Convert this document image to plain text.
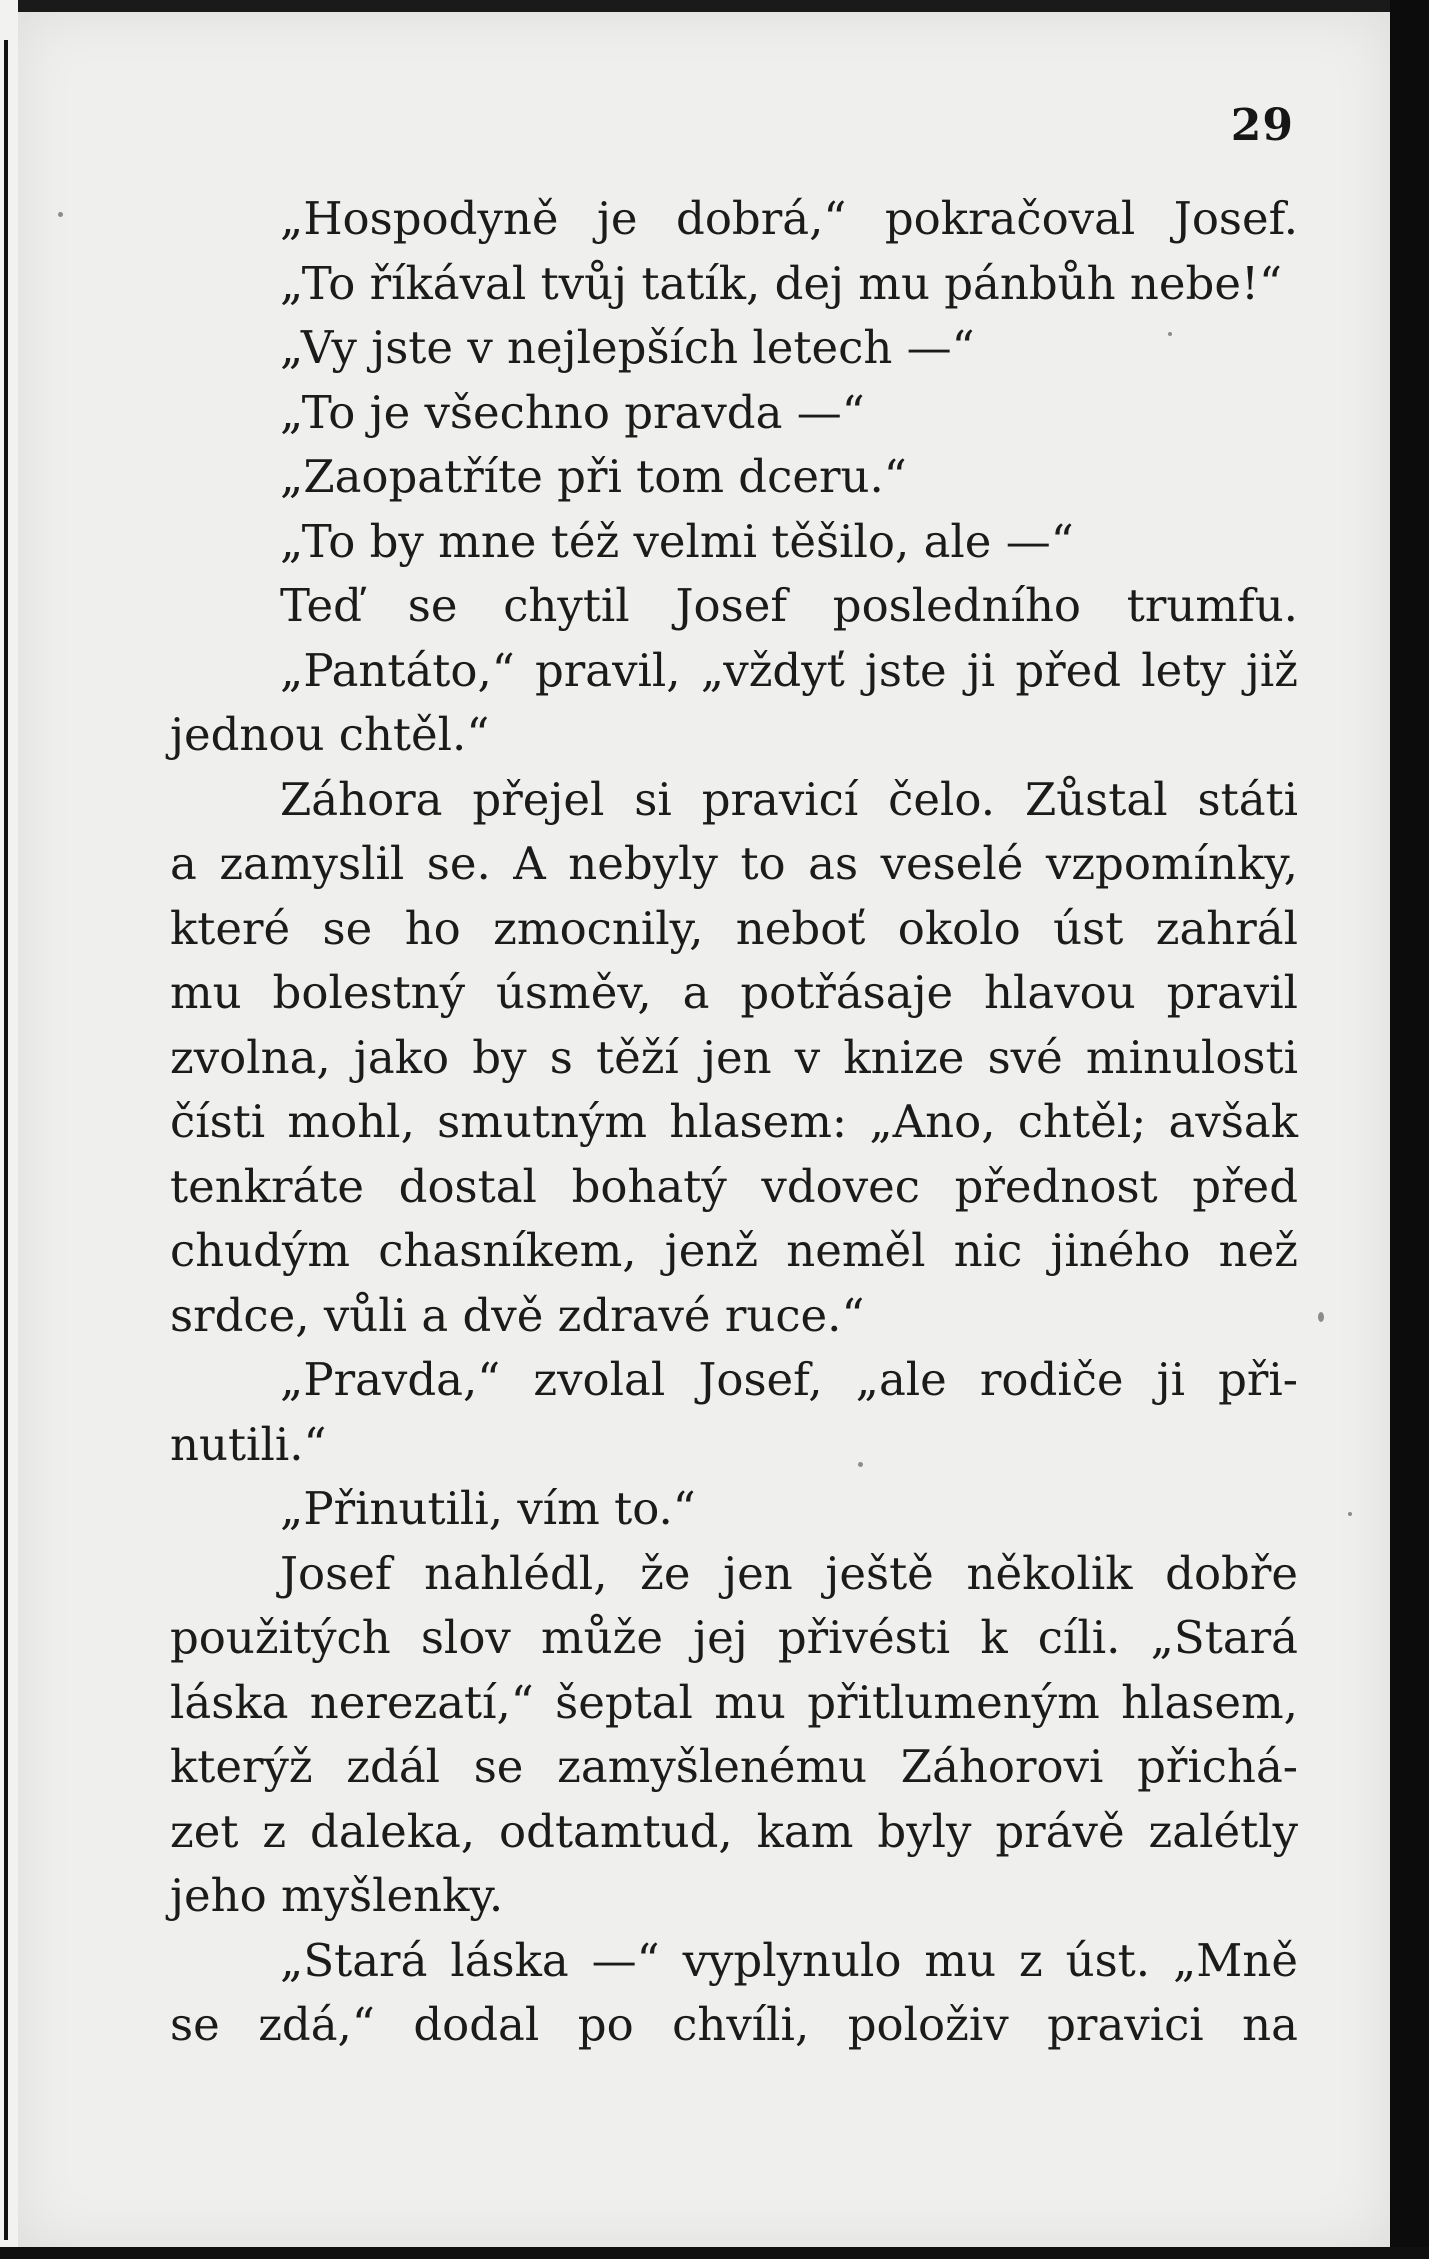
29
„Hospodyně je dobrá,“ pokračoval Josef.
„To říkával tvůj tatík, dej mu pánbůh nebe!“
„Vy jste v nejlepších letech —“
„To je všechno pravda —“
„Zaopatříte při tom dceru.“
„To by mne též velmi těšilo, ale —“
Teď se chytil Josef posledního trumfu.
„Pantáto,“ pravil, „vždyť jste ji před lety již
jednou chtěl.“
Záhora přejel si pravicí čelo. Zůstal státi
a zamyslil se. A nebyly to as veselé vzpomínky,
které se ho zmocnily, neboť okolo úst zahrál
mu bolestný úsměv, a potřásaje hlavou pravil
zvolna, jako by s těží jen v knize své minulosti
čísti mohl, smutným hlasem: „Ano, chtěl; avšak
tenkráte dostal bohatý vdovec přednost před
chudým chasníkem, jenž neměl nic jiného než
srdce, vůli a dvě zdravé ruce.“
„Pravda,“ zvolal Josef, „ale rodiče ji při-
nutili.“
„Přinutili, vím to.“
Josef nahlédl, že jen ještě několik dobře
použitých slov může jej přivésti k cíli. „Stará
láska nerezatí,“ šeptal mu přitlumeným hlasem,
kterýž zdál se zamyšlenému Záhorovi přichá-
zet z daleka, odtamtud, kam byly právě zalétly
jeho myšlenky.
„Stará láska —“ vyplynulo mu z úst. „Mně
se zdá,“ dodal po chvíli, položiv pravici na
